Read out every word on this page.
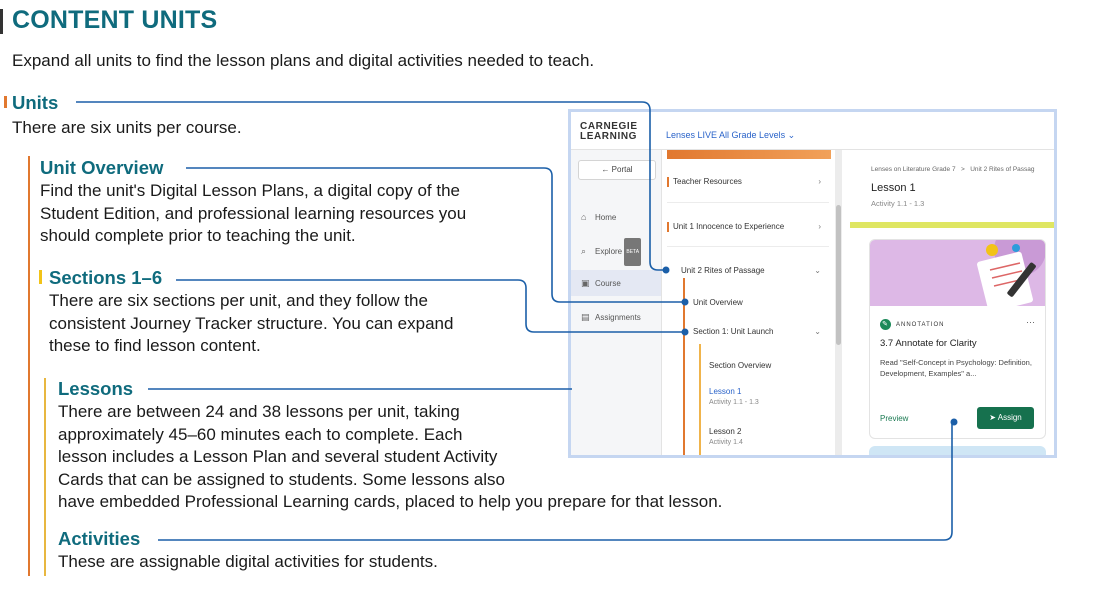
CONTENT UNITS
Expand all units to find the lesson plans and digital activities needed to teach.
Units
There are six units per course.
Unit Overview
Find the unit's Digital Lesson Plans, a digital copy of the
Student Edition, and professional learning resources you
should complete prior to teaching the unit.
Sections 1–6
There are six sections per unit, and they follow the
consistent Journey Tracker structure. You can expand
these to find lesson content.
Lessons
There are between 24 and 38 lessons per unit, taking
approximately 45–60 minutes each to complete. Each
lesson includes a Lesson Plan and several student Activity
Cards that can be assigned to students. Some lessons also
have embedded Professional Learning cards, placed to help you prepare for that lesson.
Activities
These are assignable digital activities for students.
CARNEGIE
LEARNING	Lenses LIVE All Grade Levels ⌄
← Portal
⌂ Home
⌕ Explore BETA
▣ Course
▤ Assignments
Teacher Resources	›
Unit 1 Innocence to Experience	›
Unit 2 Rites of Passage	⌄
Unit Overview
Section 1: Unit Launch	⌄
Section Overview
Lesson 1
Activity 1.1 - 1.3
Lesson 2
Activity 1.4
Lenses on Literature Grade 7 > Unit 2 Rites of Passag
Lesson 1
Activity 1.1 - 1.3
✎ ANNOTATION	···
3.7 Annotate for Clarity
Read "Self-Concept in Psychology: Definition, Development, Examples" a...
Preview	➤ Assign
